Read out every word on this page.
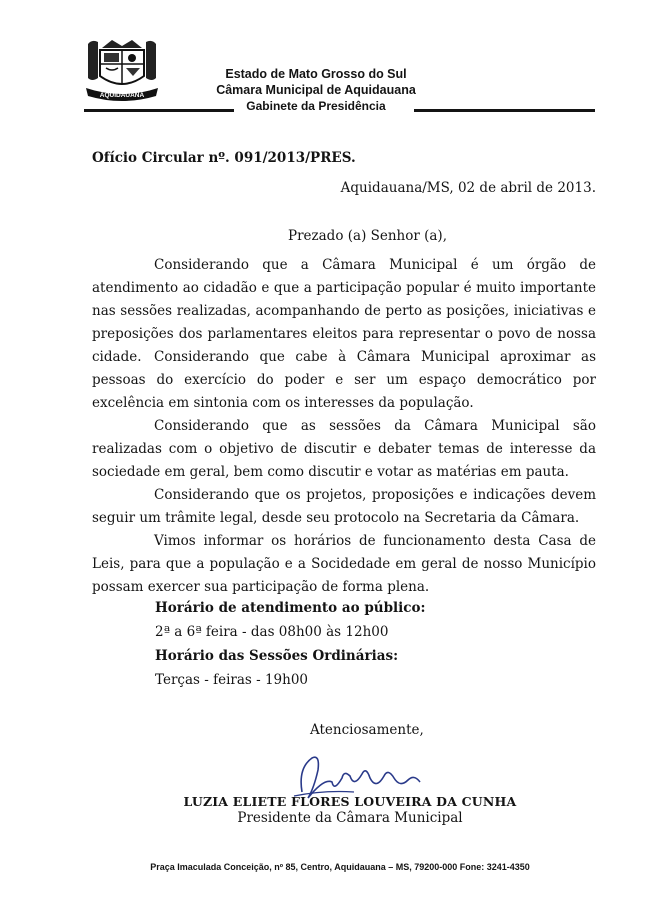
AQUIDAUANA
Estado de Mato Grosso do Sul
Câmara Municipal de Aquidauana
Gabinete da Presidência
Ofício Circular nº. 091/2013/PRES.
Aquidauana/MS, 02 de abril de 2013.
Prezado (a) Senhor (a),

Considerando que a Câmara Municipal é um órgão de atendimento ao cidadão e que a participação popular é muito importante nas sessões realizadas, acompanhando de perto as posições, iniciativas e preposições dos parlamentares eleitos para representar o povo de nossa cidade. Considerando que cabe à Câmara Municipal aproximar as pessoas do exercício do poder e ser um espaço democrático por excelência em sintonia com os interesses da população.

Considerando que as sessões da Câmara Municipal são realizadas com o objetivo de discutir e debater temas de interesse da sociedade em geral, bem como discutir e votar as matérias em pauta.

Considerando que os projetos, proposições e indicações devem seguir um trâmite legal, desde seu protocolo na Secretaria da Câmara.

Vimos informar os horários de funcionamento desta Casa de Leis, para que a população e a Socidedade em geral de nosso Município possam exercer sua participação de forma plena.

Horário de atendimento ao público:
2ª a 6ª feira - das 08h00 às 12h00
Horário das Sessões Ordinárias:
Terças - feiras - 19h00
Atenciosamente,
LUZIA ELIETE FLORES LOUVEIRA DA CUNHA
Presidente da Câmara Municipal
Praça Imaculada Conceição, nº 85, Centro, Aquidauana – MS, 79200-000 Fone: 3241-4350
